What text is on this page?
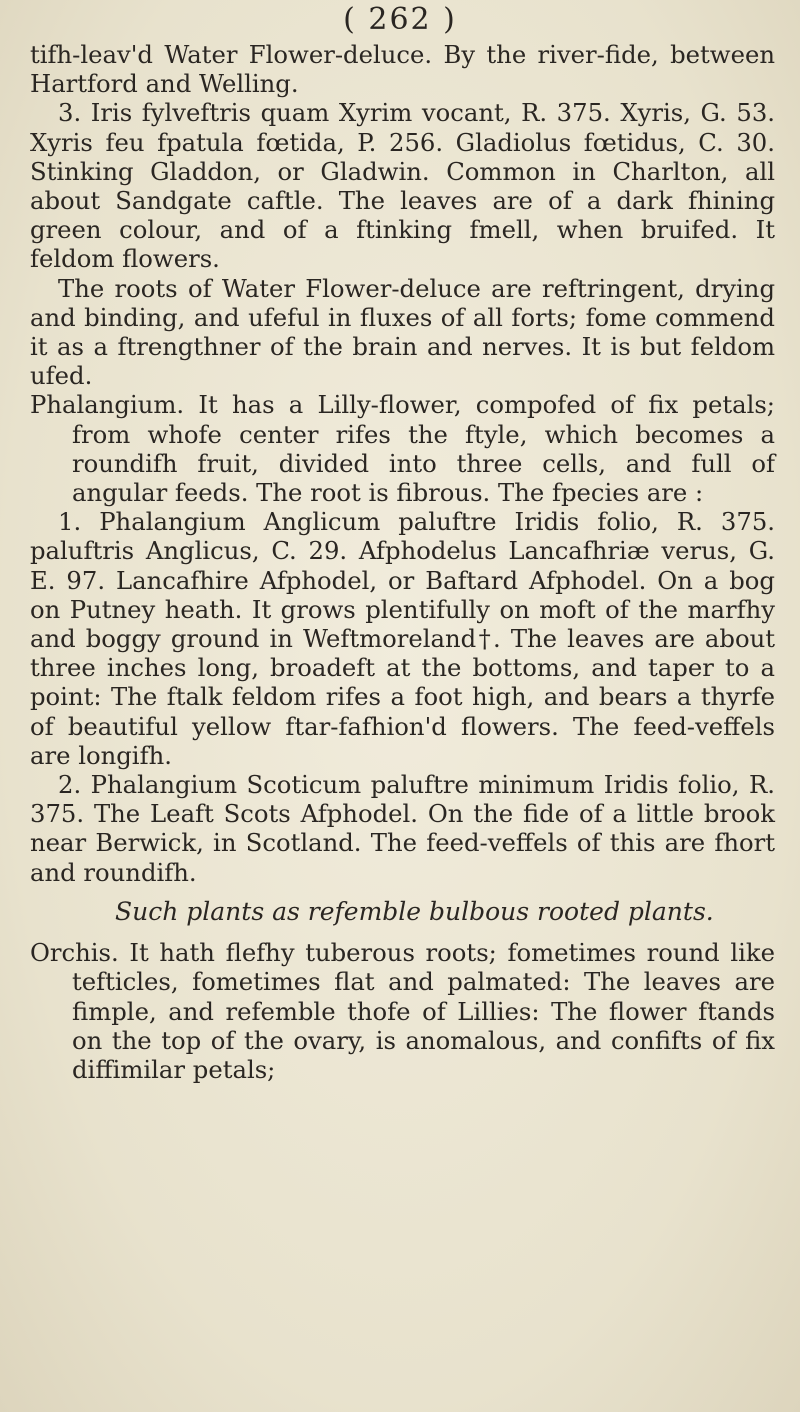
( 262 )

tifh-leav'd Water Flower-deluce. By the river-fide, between Hartford and Welling.

3. Iris fylveftris quam Xyrim vocant, R. 375. Xyris, G. 53. Xyris feu fpatula fœtida, P. 256. Gladiolus fœtidus, C. 30. Stinking Gladdon, or Gladwin. Common in Charlton, all about Sandgate caftle. The leaves are of a dark fhining green colour, and of a ftinking fmell, when bruifed. It feldom flowers.

The roots of Water Flower-deluce are reftringent, drying and binding, and ufeful in fluxes of all forts; fome commend it as a ftrengthner of the brain and nerves. It is but feldom ufed.

Phalangium. It has a Lilly-flower, compofed of fix petals; from whofe center rifes the ftyle, which becomes a roundifh fruit, divided into three cells, and full of angular feeds. The root is fibrous. The fpecies are :

1. Phalangium Anglicum paluftre Iridis folio, R. 375. paluftris Anglicus, C. 29. Afphodelus Lancafhriæ verus, G. E. 97. Lancafhire Afphodel, or Baftard Afphodel. On a bog on Putney heath. It grows plentifully on moft of the marfhy and boggy ground in Weftmoreland†. The leaves are about three inches long, broadeft at the bottoms, and taper to a point: The ftalk feldom rifes a foot high, and bears a thyrfe of beautiful yellow ftar-fafhion'd flowers. The feed-veffels are longifh.

2. Phalangium Scoticum paluftre minimum Iridis folio, R. 375. The Leaft Scots Afphodel. On the fide of a little brook near Berwick, in Scotland. The feed-veffels of this are fhort and roundifh.

Such plants as refemble bulbous rooted plants.

Orchis. It hath flefhy tuberous roots; fometimes round like tefticles, fometimes flat and palmated: The leaves are fimple, and refemble thofe of Lillies: The flower ftands on the top of the ovary, is anomalous, and confifts of fix diffimilar petals;
